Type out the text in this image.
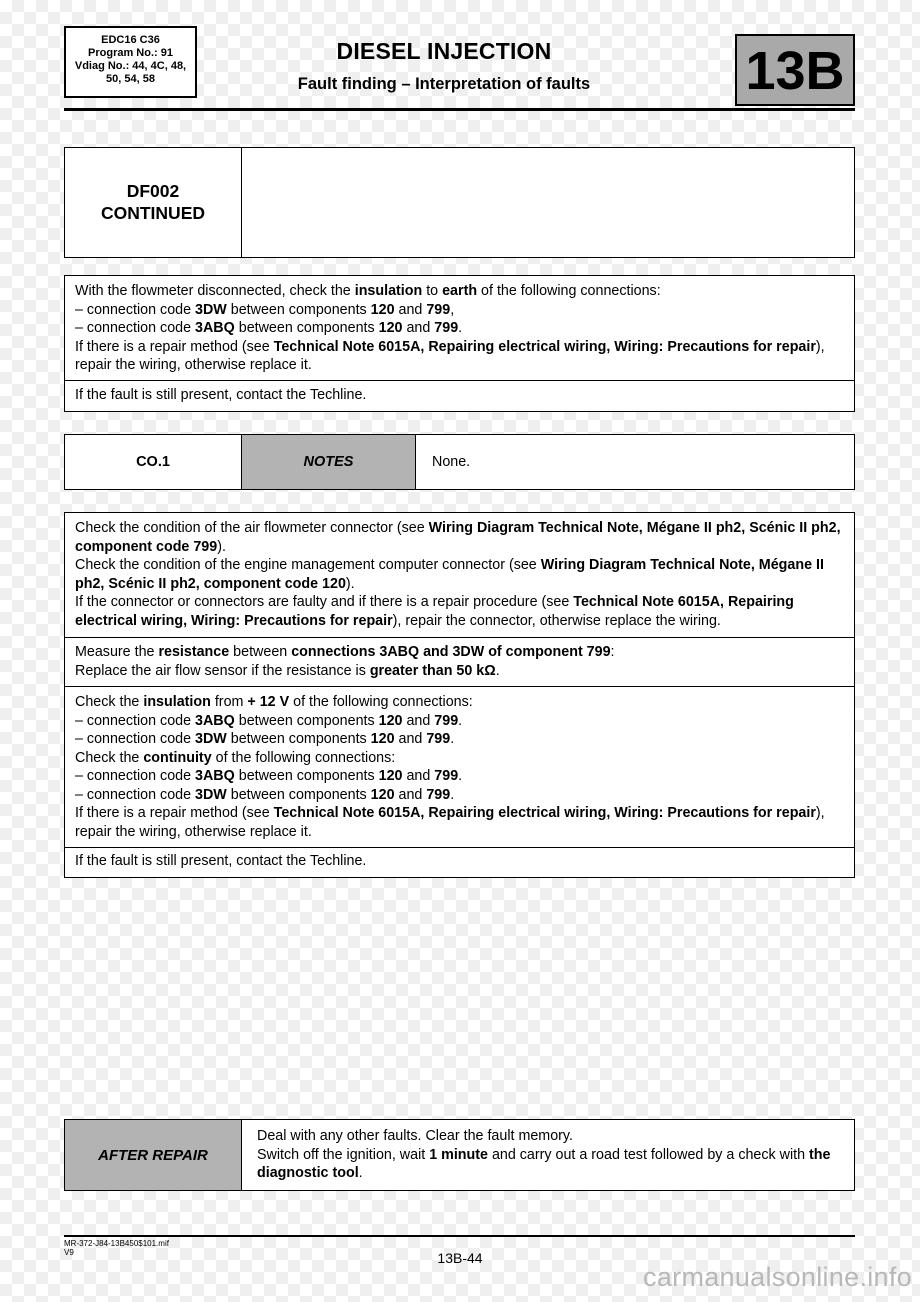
EDC16 C36
Program No.: 91
Vdiag No.: 44, 4C, 48,
50, 54, 58
DIESEL INJECTION
Fault finding – Interpretation of faults	13B
DF002
CONTINUED

With the flowmeter disconnected, check the insulation to earth of the following connections:

– connection code 3DW between components 120 and 799,

– connection code 3ABQ between components 120 and 799.

If there is a repair method (see Technical Note 6015A, Repairing electrical wiring, Wiring: Precautions for repair), repair the wiring, otherwise replace it.

If the fault is still present, contact the Techline.
CO.1	NOTES	None.

Check the condition of the air flowmeter connector (see Wiring Diagram Technical Note, Mégane II ph2, Scénic II ph2, component code 799).

Check the condition of the engine management computer connector (see Wiring Diagram Technical Note, Mégane II ph2, Scénic II ph2, component code 120).

If the connector or connectors are faulty and if there is a repair procedure (see Technical Note 6015A, Repairing electrical wiring, Wiring: Precautions for repair), repair the connector, otherwise replace the wiring.

Measure the resistance between connections 3ABQ and 3DW of component 799:

Replace the air flow sensor if the resistance is greater than 50 kΩ.

Check the insulation from + 12 V of the following connections:

– connection code 3ABQ between components 120 and 799.

– connection code 3DW between components 120 and 799.

Check the continuity of the following connections:

– connection code 3ABQ between components 120 and 799.

– connection code 3DW between components 120 and 799.

If there is a repair method (see Technical Note 6015A, Repairing electrical wiring, Wiring: Precautions for repair), repair the wiring, otherwise replace it.

If the fault is still present, contact the Techline.
AFTER REPAIR

Deal with any other faults. Clear the fault memory.

Switch off the ignition, wait 1 minute and carry out a road test followed by a check with the diagnostic tool.

MR-372-J84-13B450$101.mif
V9	13B-44
carmanualsonline.info
